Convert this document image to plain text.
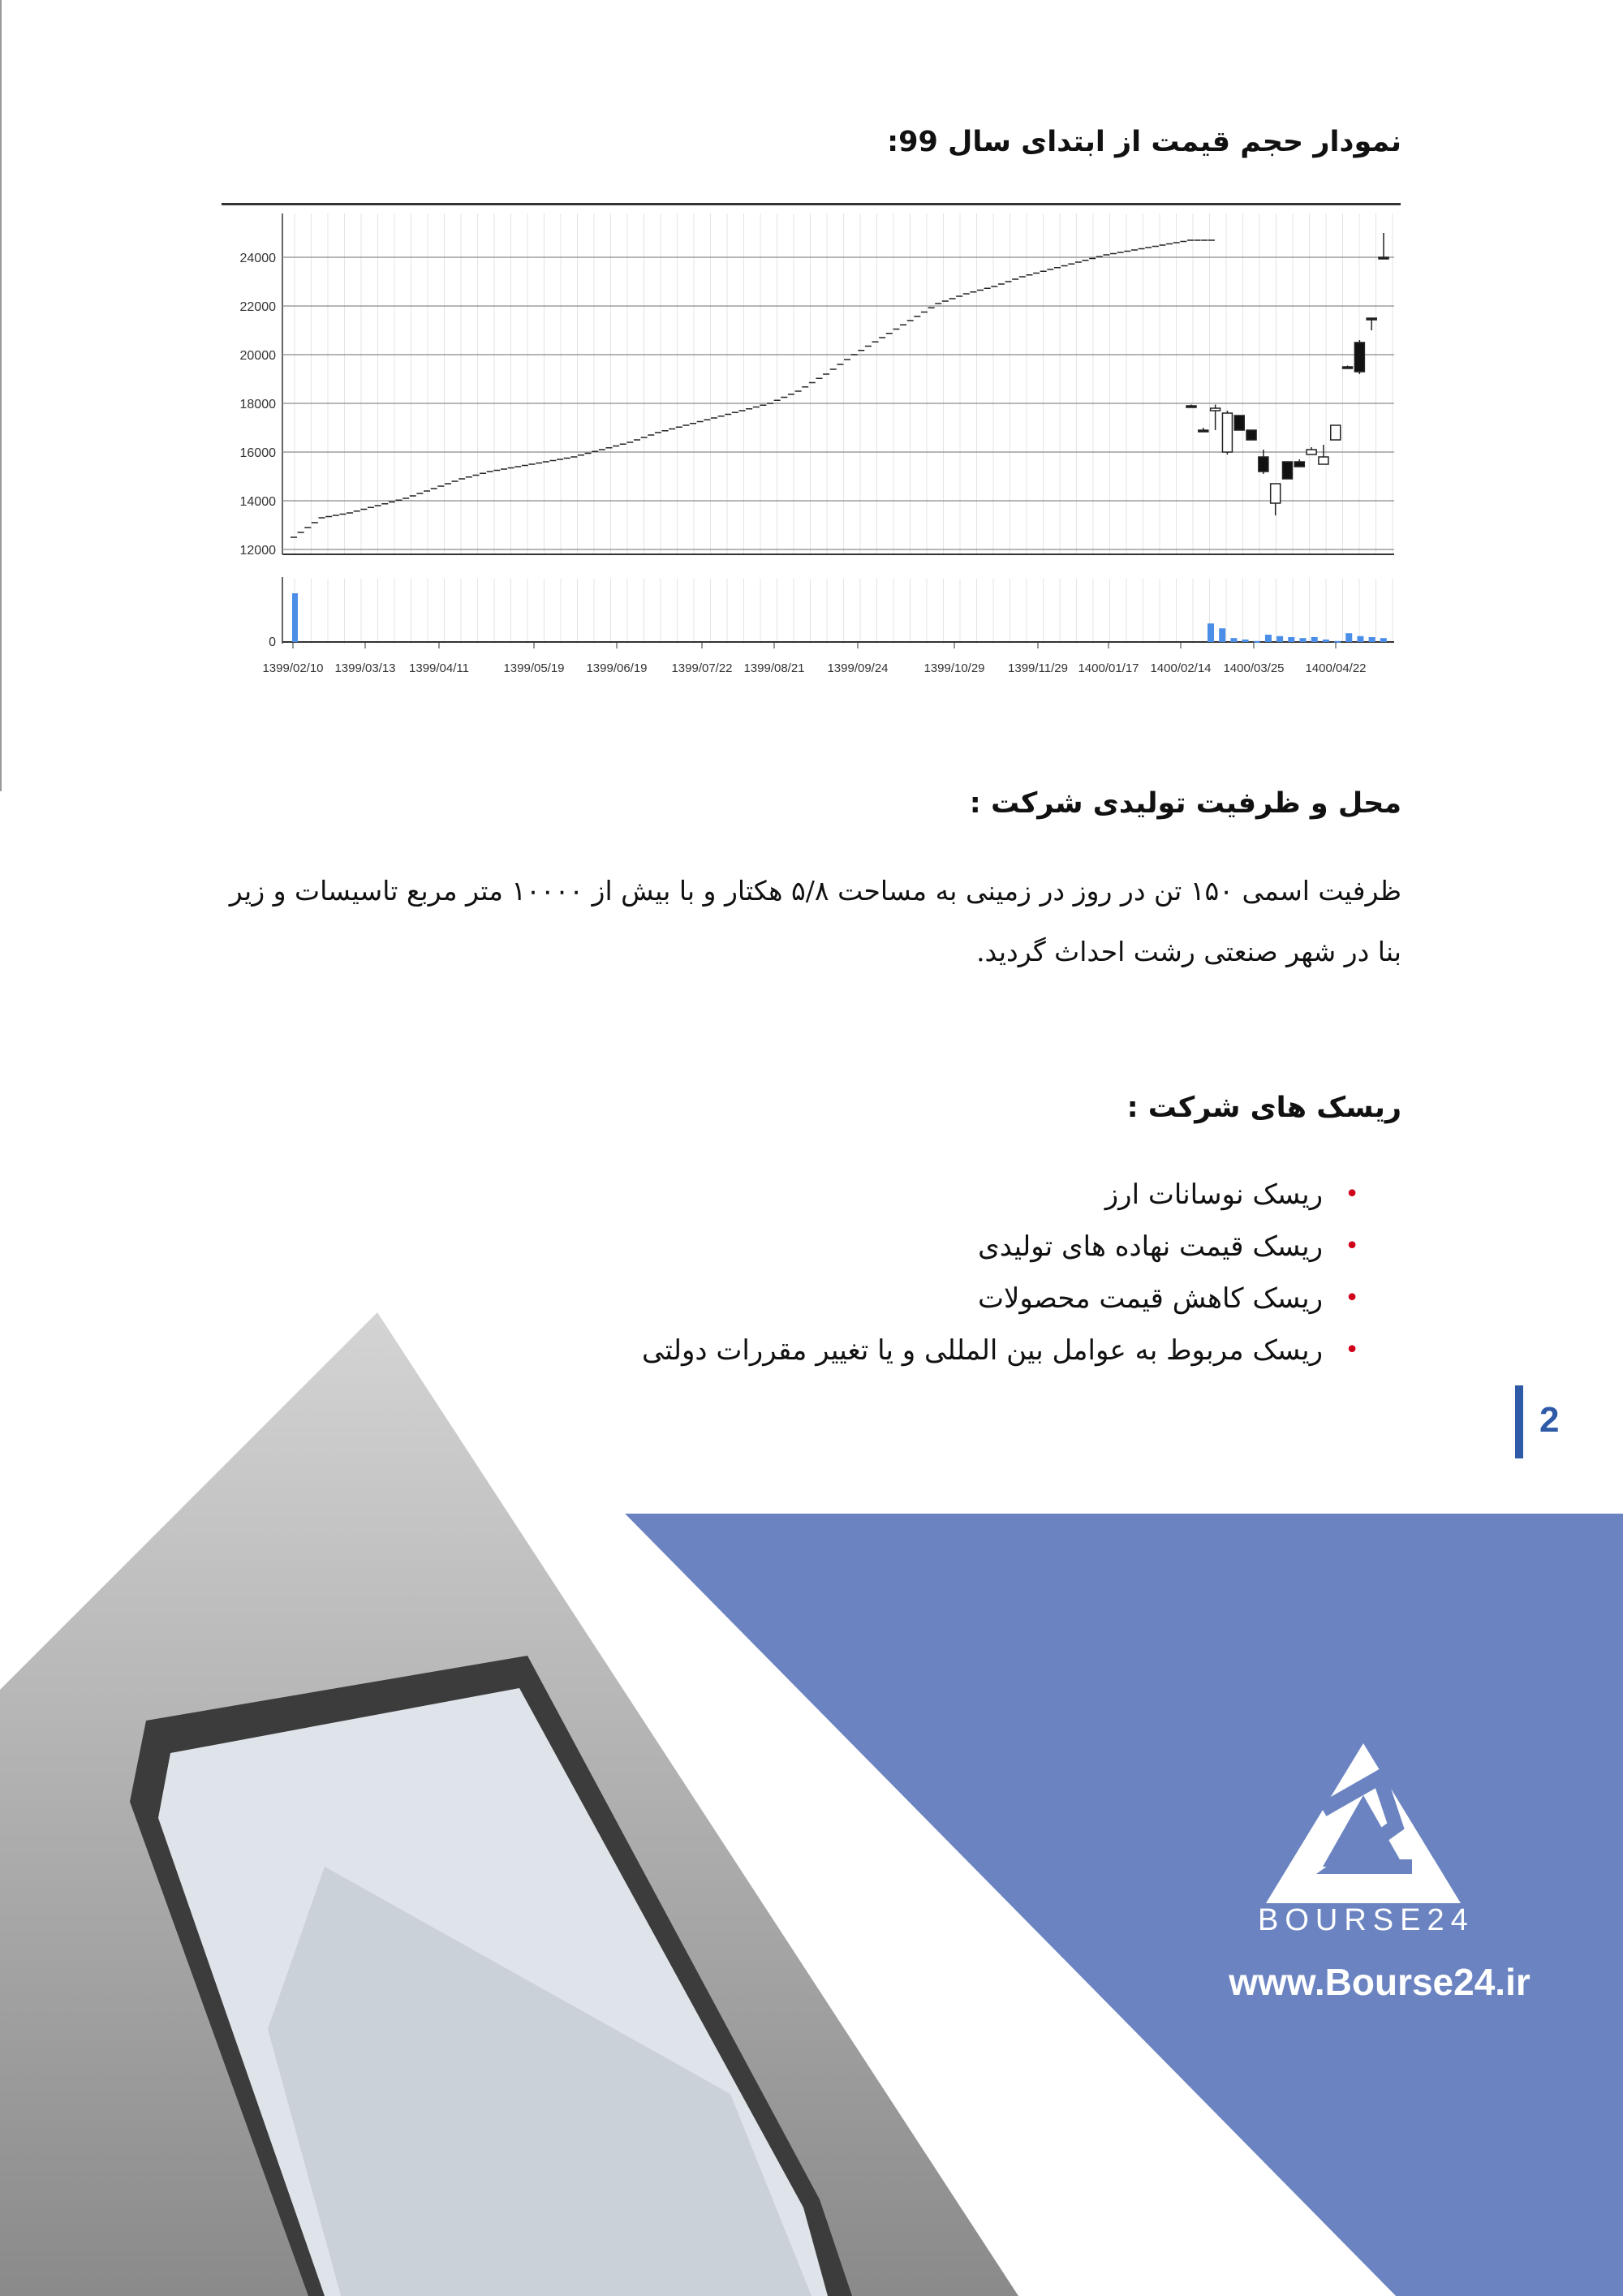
نمودار حجم قیمت از ابتدای سال 99:
12000
14000
16000
18000
20000
22000
24000
0
1399/02/10 1399/03/13 1399/04/11	1399/05/19 1399/06/19 1399/07/22 1399/08/21 1399/09/24	1399/10/29 1399/11/29 1400/01/17 1400/02/14 1400/03/25 1400/04/22
محل و ظرفیت تولیدی شرکت :
ظرفیت اسمی ۱۵۰ تن در روز در زمینی به مساحت ۵/۸ هکتار و با بیش از ۱۰۰۰۰ متر مربع تاسیسات و زیر بنا در شهر صنعتی رشت احداث گردید.
ریسک های شرکت :
•
ریسک نوسانات ارز
•
ریسک قیمت نهاده های تولیدی
•
ریسک کاهش قیمت محصولات
•
ریسک مربوط به عوامل بین المللی و یا تغییر مقررات دولتی
2
BOURSE24
www.Bourse24.ir
